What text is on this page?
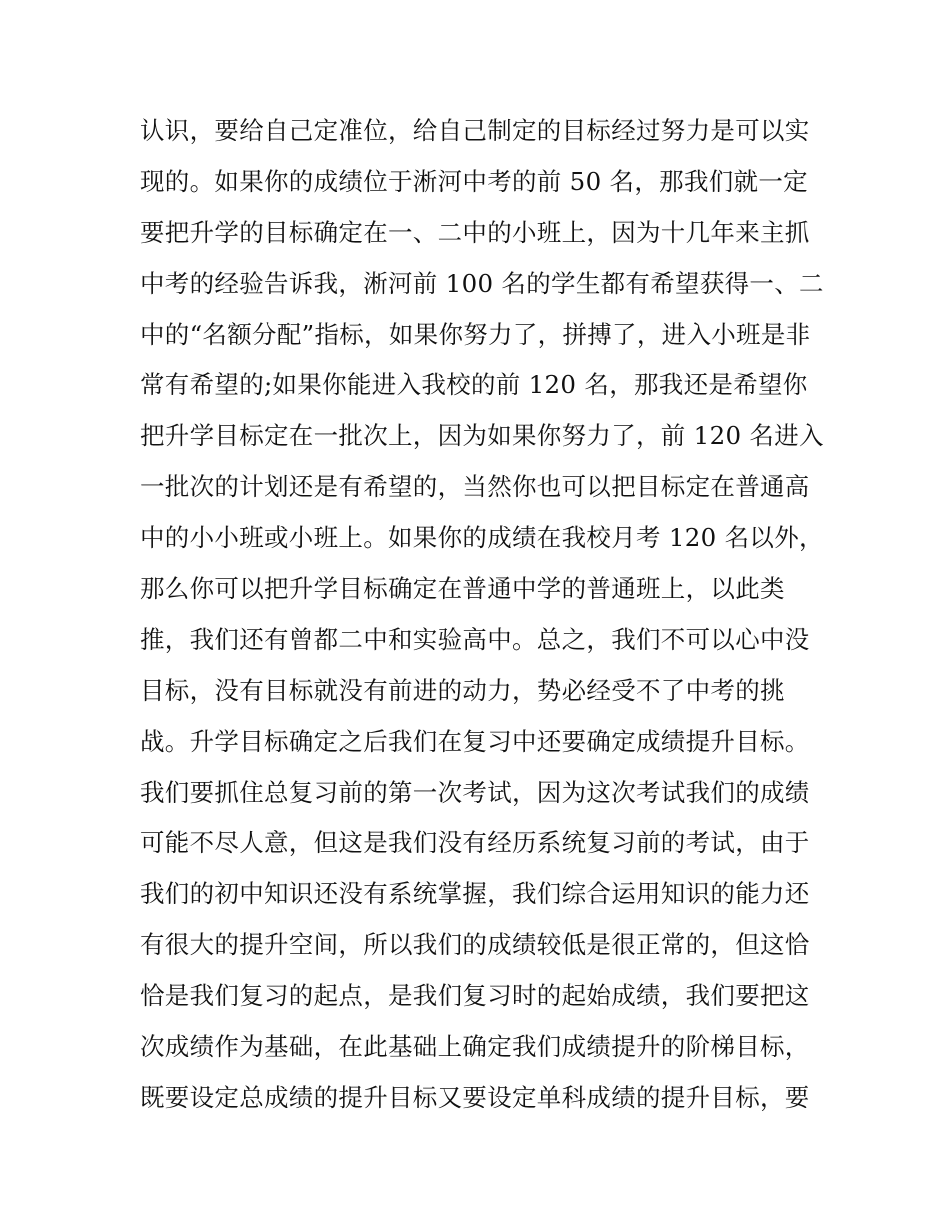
认识，要给自己定准位，给自己制定的目标经过努力是可以实
现的。如果你的成绩位于淅河中考的前 50 名，那我们就一定
要把升学的目标确定在一、二中的小班上，因为十几年来主抓
中考的经验告诉我，淅河前 100 名的学生都有希望获得一、二
中的“名额分配”指标，如果你努力了，拼搏了，进入小班是非
常有希望的;如果你能进入我校的前 120 名，那我还是希望你
把升学目标定在一批次上，因为如果你努力了，前 120 名进入
一批次的计划还是有希望的，当然你也可以把目标定在普通高
中的小小班或小班上。如果你的成绩在我校月考 120 名以外，
那么你可以把升学目标确定在普通中学的普通班上，以此类
推，我们还有曾都二中和实验高中。总之，我们不可以心中没
目标，没有目标就没有前进的动力，势必经受不了中考的挑
战。升学目标确定之后我们在复习中还要确定成绩提升目标。
我们要抓住总复习前的第一次考试，因为这次考试我们的成绩
可能不尽人意，但这是我们没有经历系统复习前的考试，由于
我们的初中知识还没有系统掌握，我们综合运用知识的能力还
有很大的提升空间，所以我们的成绩较低是很正常的，但这恰
恰是我们复习的起点，是我们复习时的起始成绩，我们要把这
次成绩作为基础，在此基础上确定我们成绩提升的阶梯目标，
既要设定总成绩的提升目标又要设定单科成绩的提升目标，要
